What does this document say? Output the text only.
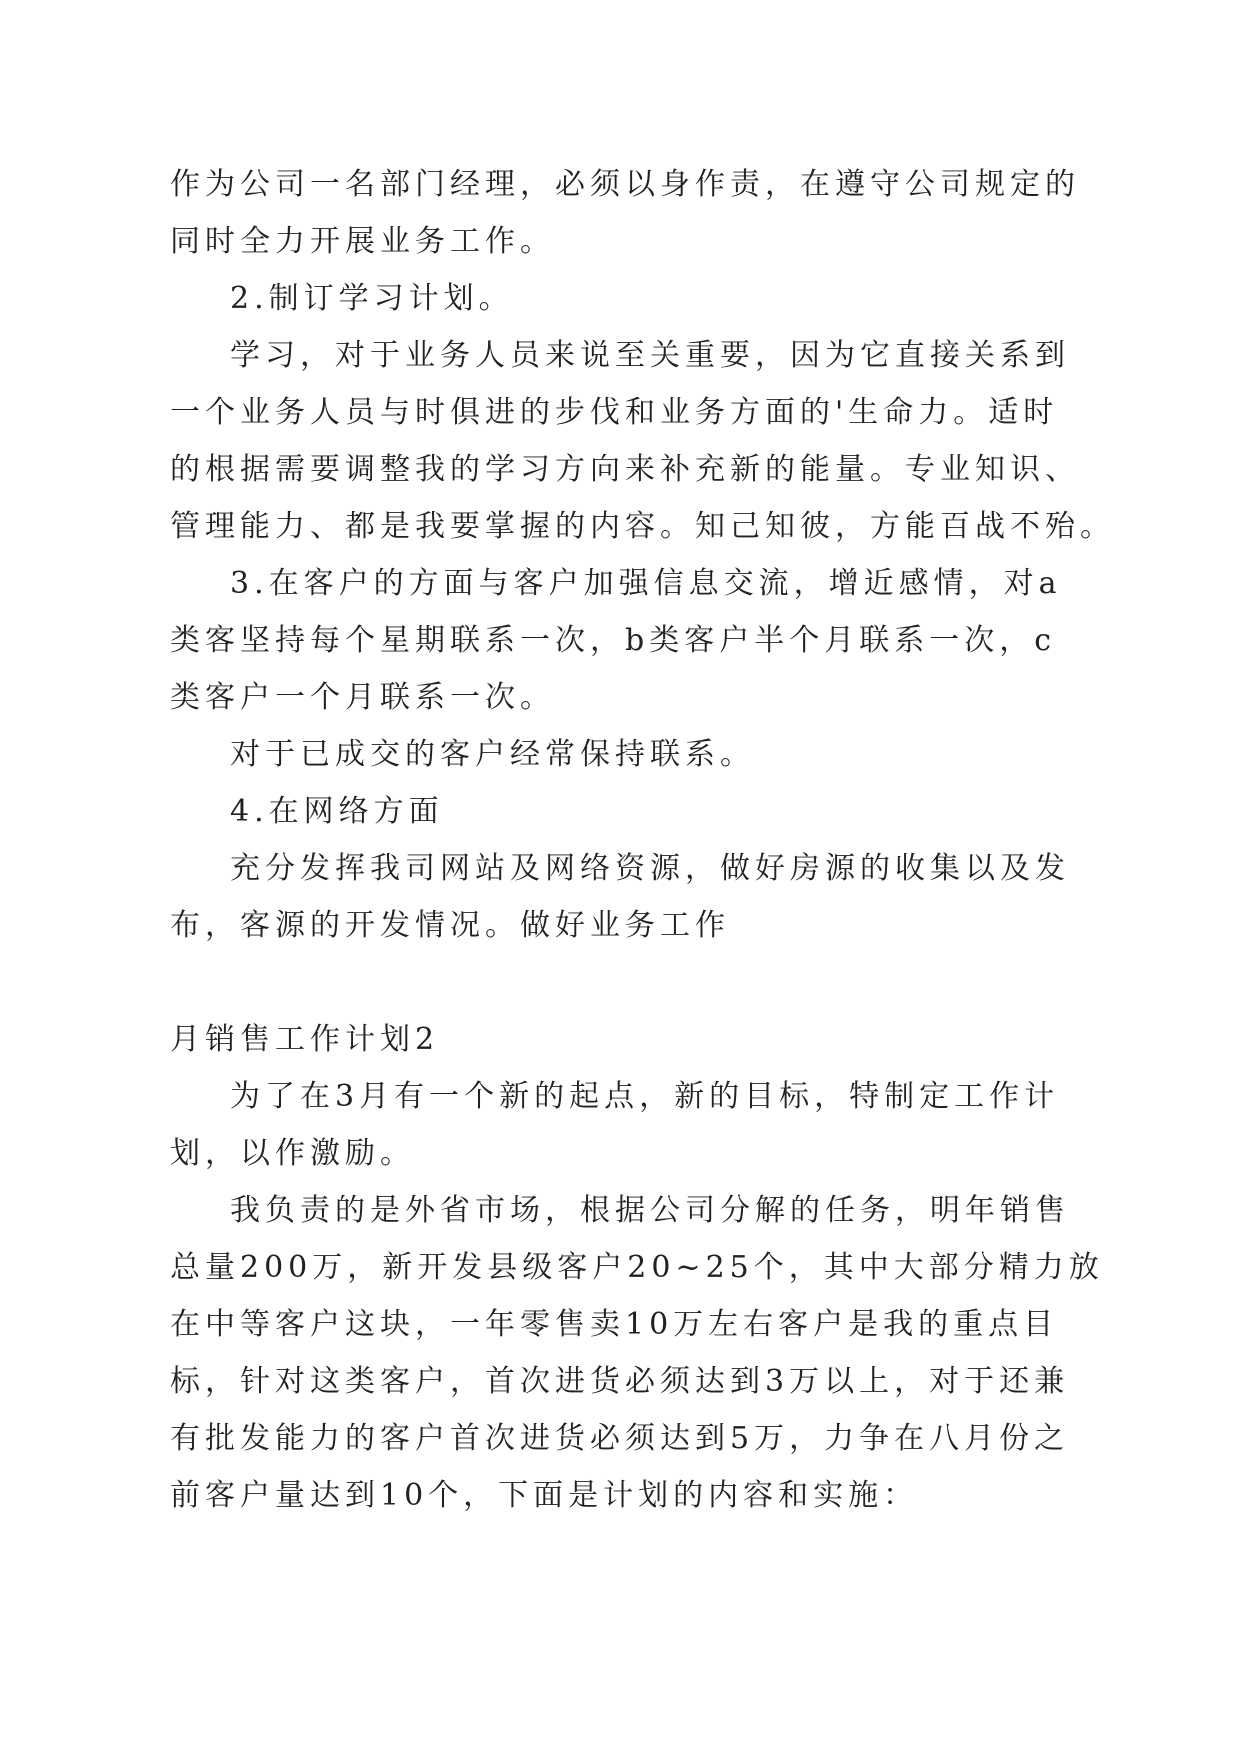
作为公司一名部门经理，必须以身作责，在遵守公司规定的
同时全力开展业务工作。
2.制订学习计划。
学习，对于业务人员来说至关重要，因为它直接关系到
一个业务人员与时俱进的步伐和业务方面的'生命力。适时
的根据需要调整我的学习方向来补充新的能量。专业知识、
管理能力、都是我要掌握的内容。知己知彼，方能百战不殆。
3.在客户的方面与客户加强信息交流，增近感情，对a
类客坚持每个星期联系一次，b类客户半个月联系一次，c
类客户一个月联系一次。
对于已成交的客户经常保持联系。
4.在网络方面
充分发挥我司网站及网络资源，做好房源的收集以及发
布，客源的开发情况。做好业务工作
月销售工作计划2
为了在3月有一个新的起点，新的目标，特制定工作计
划，以作激励。
我负责的是外省市场，根据公司分解的任务，明年销售
总量200万，新开发县级客户20~25个，其中大部分精力放
在中等客户这块，一年零售卖10万左右客户是我的重点目
标，针对这类客户，首次进货必须达到3万以上，对于还兼
有批发能力的客户首次进货必须达到5万，力争在八月份之
前客户量达到10个，下面是计划的内容和实施：
